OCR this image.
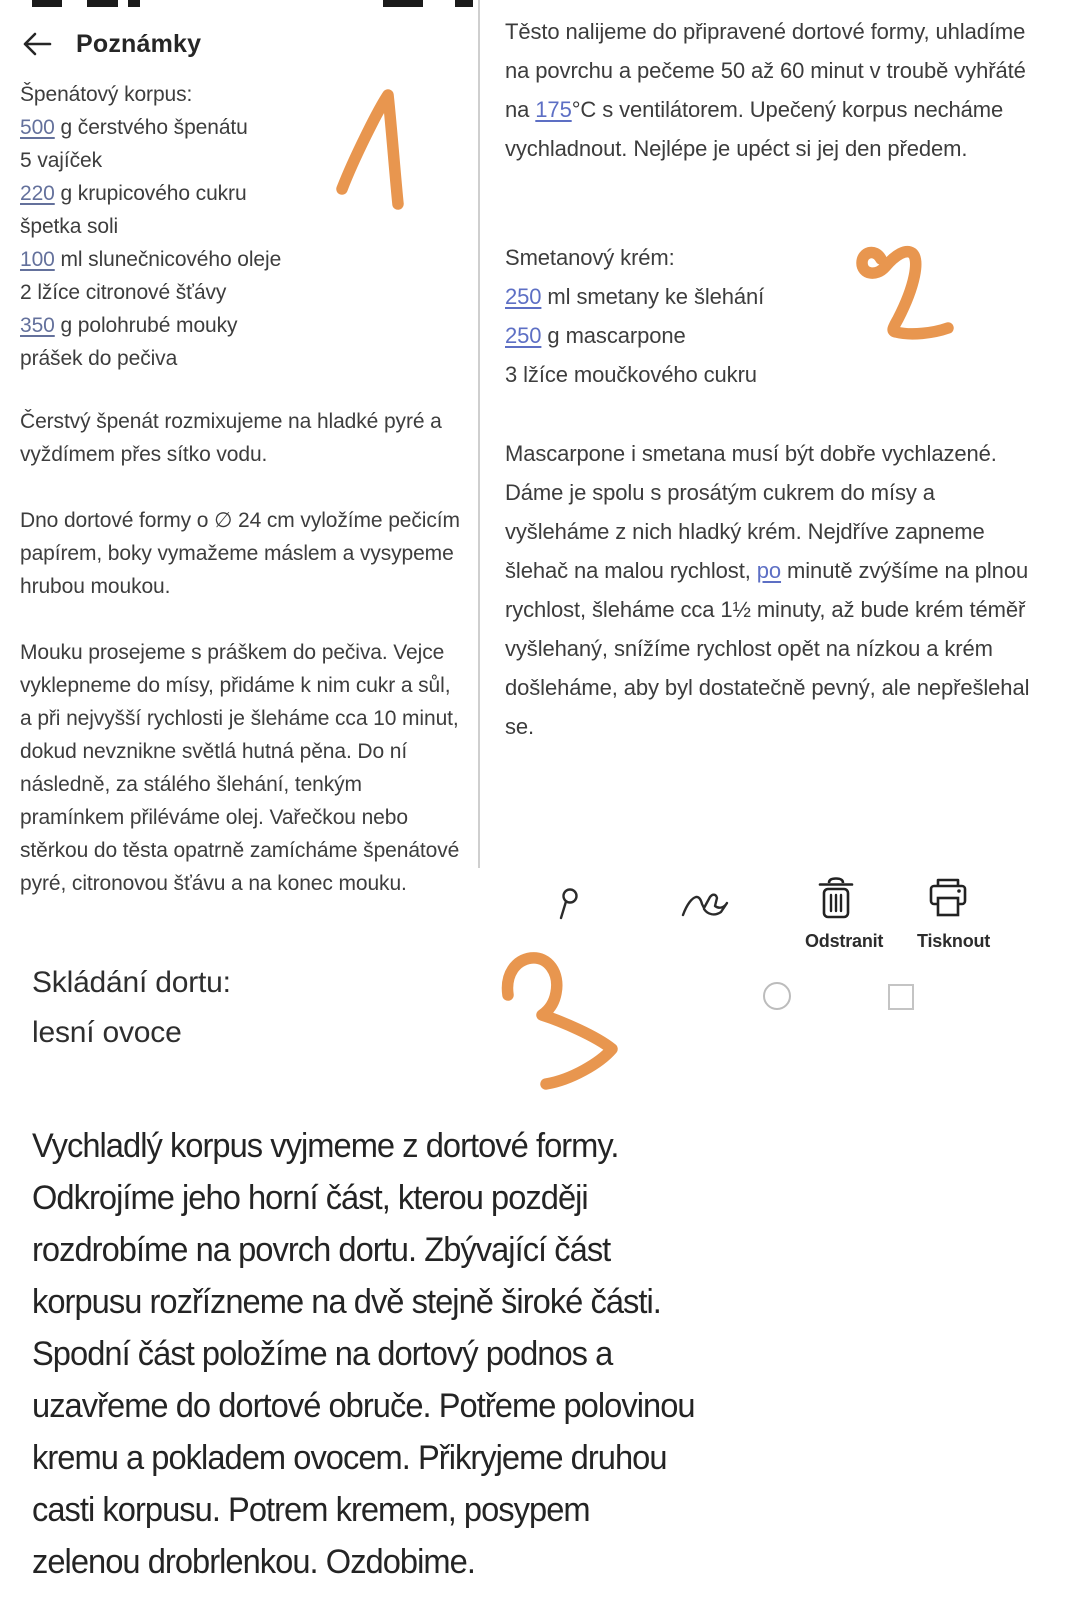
Poznámky
Špenátový korpus:
500 g čerstvého špenátu
5 vajíček
220 g krupicového cukru
špetka soli
100 ml slunečnicového oleje
2 lžíce citronové šťávy
350 g polohrubé mouky
prášek do pečiva
Čerstvý špenát rozmixujeme na hladké pyré a vyždímem přes sítko vodu.
Dno dortové formy o ∅ 24 cm vyložíme pečicím papírem, boky vymažeme máslem a vysypeme hrubou moukou.
Mouku prosejeme s práškem do pečiva. Vejce vyklepneme do mísy, přidáme k nim cukr a sůl, a při nejvyšší rychlosti je šleháme cca 10 minut, dokud nevznikne světlá hutná pěna. Do ní následně, za stálého šlehání, tenkým pramínkem přiléváme olej. Vařečkou nebo stěrkou do těsta opatrně zamícháme špenátové pyré, citronovou šťávu a na konec mouku.
Těsto nalijeme do připravené dortové formy, uhladíme na povrchu a pečeme 50 až 60 minut v troubě vyhřáté na 175°C s ventilátorem. Upečený korpus necháme vychladnout. Nejlépe je upéct si jej den předem.
Smetanový krém:
250 ml smetany ke šlehání
250 g mascarpone
3 lžíce moučkového cukru
Mascarpone i smetana musí být dobře vychlazené. Dáme je spolu s prosátým cukrem do mísy a vyšleháme z nich hladký krém. Nejdříve zapneme šlehač na malou rychlost, po minutě zvýšíme na plnou rychlost, šleháme cca 1½ minuty, až bude krém téměř vyšlehaný, snížíme rychlost opět na nízkou a krém došleháme, aby byl dostatečně pevný, ale nepřešlehal se.
Odstranit Tisknout
Skládání dortu:
lesní ovoce
Vychladlý korpus vyjmeme z dortové formy.
Odkrojíme jeho horní část, kterou později
rozdrobíme na povrch dortu. Zbývající část
korpusu rozřízneme na dvě stejně široké části.
Spodní část položíme na dortový podnos a
uzavřeme do dortové obruče. Potřeme polovinou
kremu a pokladem ovocem. Přikryjeme druhou
casti korpusu. Potrem kremem, posypem
zelenou drobrlenkou. Ozdobime.
